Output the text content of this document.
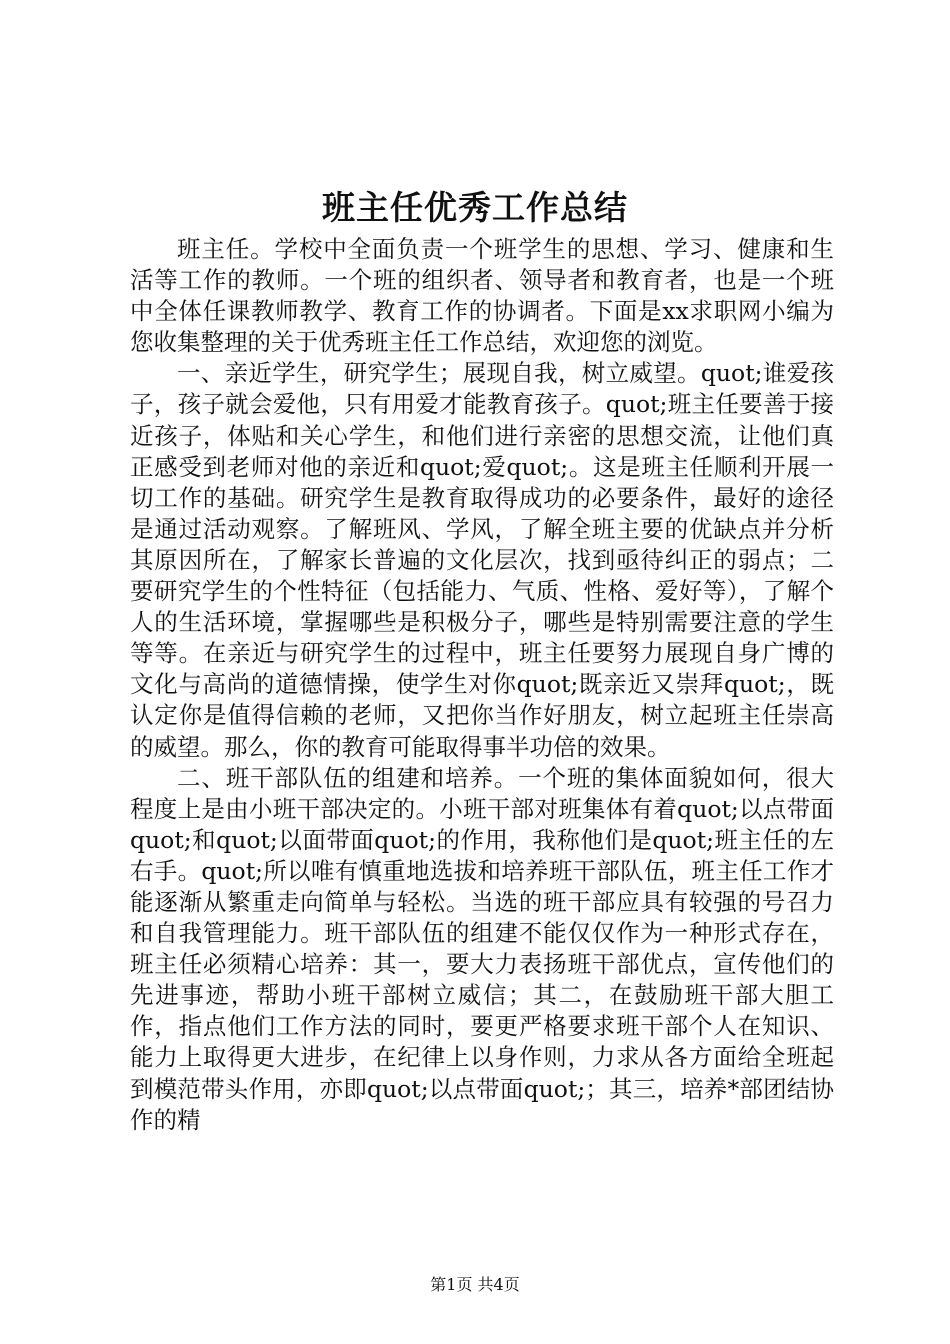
班主任优秀工作总结

班主任。学校中全面负责一个班学生的思想、学习、健康和生活等工作的教师。一个班的组织者、领导者和教育者，也是一个班中全体任课教师教学、教育工作的协调者。下面是xx求职网小编为您收集整理的关于优秀班主任工作总结，欢迎您的浏览。

一、亲近学生，研究学生；展现自我，树立威望。quot;谁爱孩子，孩子就会爱他，只有用爱才能教育孩子。quot;班主任要善于接近孩子，体贴和关心学生，和他们进行亲密的思想交流，让他们真正感受到老师对他的亲近和quot;爱quot;。这是班主任顺利开展一切工作的基础。研究学生是教育取得成功的必要条件，最好的途径是通过活动观察。了解班风、学风，了解全班主要的优缺点并分析其原因所在，了解家长普遍的文化层次，找到亟待纠正的弱点；二要研究学生的个性特征（包括能力、气质、性格、爱好等），了解个人的生活环境，掌握哪些是积极分子，哪些是特别需要注意的学生等等。在亲近与研究学生的过程中，班主任要努力展现自身广博的文化与高尚的道德情操，使学生对你quot;既亲近又崇拜quot;，既认定你是值得信赖的老师，又把你当作好朋友，树立起班主任崇高的威望。那么，你的教育可能取得事半功倍的效果。

二、班干部队伍的组建和培养。一个班的集体面貌如何，很大程度上是由小班干部决定的。小班干部对班集体有着quot;以点带面quot;和quot;以面带面quot;的作用，我称他们是quot;班主任的左右手。quot;所以唯有慎重地选拔和培养班干部队伍，班主任工作才能逐渐从繁重走向简单与轻松。当选的班干部应具有较强的号召力和自我管理能力。班干部队伍的组建不能仅仅作为一种形式存在，班主任必须精心培养：其一，要大力表扬班干部优点，宣传他们的先进事迹，帮助小班干部树立威信；其二，在鼓励班干部大胆工作，指点他们工作方法的同时，要更严格要求班干部个人在知识、能力上取得更大进步，在纪律上以身作则，力求从各方面给全班起到模范带头作用，亦即quot;以点带面quot;；其三，培养*部团结协作的精

第1页 共4页
